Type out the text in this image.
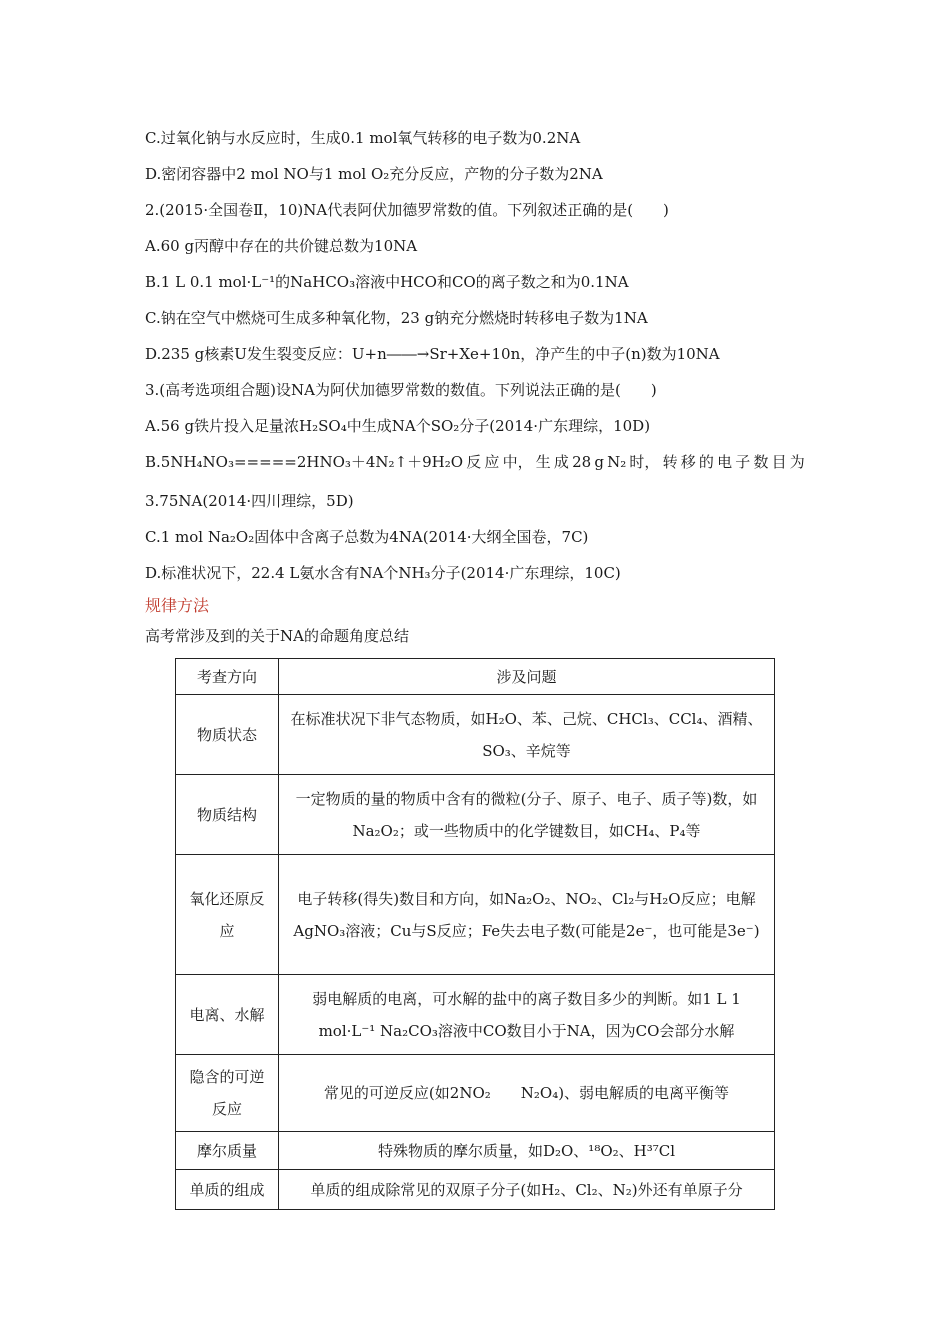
C.过氧化钠与水反应时，生成0.1 mol氧气转移的电子数为0.2NA
D.密闭容器中2 mol NO与1 mol O₂充分反应，产物的分子数为2NA
2.(2015·全国卷Ⅱ，10)NA代表阿伏加德罗常数的值。下列叙述正确的是(　　)
A.60 g丙醇中存在的共价键总数为10NA
B.1 L 0.1 mol·L⁻¹的NaHCO₃溶液中HCO和CO的离子数之和为0.1NA
C.钠在空气中燃烧可生成多种氧化物，23 g钠充分燃烧时转移电子数为1NA
D.235 g核素U发生裂变反应：U+n――→Sr+Xe+10n，净产生的中子(n)数为10NA
3.(高考选项组合题)设NA为阿伏加德罗常数的数值。下列说法正确的是(　　)
A.56 g铁片投入足量浓H₂SO₄中生成NA个SO₂分子(2014·广东理综，10D)
B.5NH₄NO₃=====2HNO₃＋4N₂↑＋9H₂O 反 应 中， 生 成 28 g N₂ 时， 转 移 的 电 子 数 目 为
3.75NA(2014·四川理综，5D)
C.1 mol Na₂O₂固体中含离子总数为4NA(2014·大纲全国卷，7C)
D.标准状况下，22.4 L氨水含有NA个NH₃分子(2014·广东理综，10C)
规律方法
高考常涉及到的关于NA的命题角度总结
考查方向	涉及问题
物质状态	在标准状况下非气态物质，如H₂O、苯、己烷、CHCl₃、CCl₄、酒精、SO₃、辛烷等
物质结构	一定物质的量的物质中含有的微粒(分子、原子、电子、质子等)数，如Na₂O₂；或一些物质中的化学键数目，如CH₄、P₄等
氧化还原反应	电子转移(得失)数目和方向，如Na₂O₂、NO₂、Cl₂与H₂O反应；电解AgNO₃溶液；Cu与S反应；Fe失去电子数(可能是2e⁻，也可能是3e⁻)
电离、水解	弱电解质的电离，可水解的盐中的离子数目多少的判断。如1 L 1 mol·L⁻¹ Na₂CO₃溶液中CO数目小于NA，因为CO会部分水解
隐含的可逆反应	常见的可逆反应(如2NO₂　　N₂O₄)、弱电解质的电离平衡等
摩尔质量	特殊物质的摩尔质量，如D₂O、¹⁸O₂、H³⁷Cl
单质的组成	单质的组成除常见的双原子分子(如H₂、Cl₂、N₂)外还有单原子分
